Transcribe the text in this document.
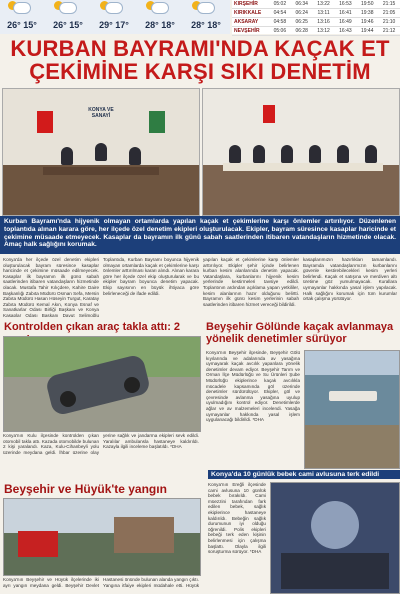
26° 15°	26° 15°	29° 17°	28° 18°	28° 18°
KIRŞEHİR	05:02	06:34	13:22	16:53	19:50	21:15
KIRIKKALE	04:54	06:24	13:11	16:41	19:38	21:05
AKSARAY	04:58	06:25	13:16	16:49	19:46	21:10
NEVŞEHİR	05:06	06:28	13:12	16:43	19:44	21:12
KURBAN BAYRAMI'NDA KAÇAK ET ÇEKİMİNE KARŞI SIKI DENETİM
KONYA VE SANAYİ
Kurban Bayramı'nda hijyenik olmayan ortamlarda yapılan kaçak et çekimlerine karşı önlemler artırılıyor. Düzenlenen toplantıda alınan karara göre, her ilçede özel denetim ekipleri oluşturulacak. Ekipler, bayram süresince kasaplar haricinde et çekimine müsaade etmeyecek. Kasaplar da bayramın ilk günü sabah saatlerinden itibaren vatandaşların hizmetinde olacak. Amaç halk sağlığını korumak.
Konya'da her ilçede özel denetim ekipleri oluşturulacak bayram süresince kasaplar haricinde et çekimine müsaade edilmeyecek. Kasaplar ilk bayramın ilk günü sabah saatlerinden itibaren vatandaşların hizmetinde olacak. Mustafa Tahir Kılıçdere, Kahire Daire Başkanlığı Zabıta Müdürü Osman Sefa, Mersin Zabıta Müdürü Hasan Hüseyin Turgut, Karatay Zabıta Müdürü Kemal Akın, Konya Esnaf ve Sanatkarlar Odası Birliği Başkanı ve Konya Kasaplar Odası Başkanı Davut Selimoğlu
Toplantıda, Kurban Bayramı boyunca hijyenik olmayan ortamlarda kaçak et çekimlerine karşı önlemler arttırılması kararı alındı. Alınan karara göre her ilçede özel ekip oluşturularak ve bu ekipler bayram boyunca denetim yapacak. Ekip sayısının en büyük ihtiyaca göre belirleneceği de ifade edildi.
yapılan kaçak et çekimlerine karşı önlemler arttırılıyor. Ekipler şehir içinde belirlenen kurban kesim alanlarında denetim yapacak. Vatandaşlara, kurbanlarını hijyenik kesim yerlerinde kestirmeleri tavsiye edildi. Toplantının ardından açıklama yapan yetkililer, kesim alanlarının hazır olduğunu belirtti. Bayramın ilk günü kesim yerlerinin sabah saatlerinden itibaren hizmet vereceği bildirildi.
kasaplarımızın hazırlıkları tamamlandı. Bayramda vatandaşlarımızın kurbanlarını güvenle kestirebilecekleri kesim yerleri belirlendi. Kaçak et satışına ve merdiven altı üretime göz yumulmayacak. Kurallara uymayanlar hakkında yasal işlem yapılacak. Halk sağlığını korumak için tüm kurumlar ortak çalışma yürütüyor.
Kontrolden çıkan araç takla attı: 2
Konya'nın Kulu ilçesinde kontrolden çıkan otomobil takla attı. Kazada otomobilde bulunan 2 kişi yaralandı. Kaza, Kulu-Cihanbeyli yolu üzerinde meydana geldi. İhbar üzerine olay yerine sağlık ve jandarma ekipleri sevk edildi. Yaralılar ambulansla hastaneye kaldırıldı. Kazayla ilgili inceleme başlatıldı. *DHA
Beyşehir Gölünde kaçak avlanmaya yönelik denetimler sürüyor
Konya'nın Beyşehir ilçesinde, Beyşehir Gölü kıyılarında ve adalarında av yasağına uymayarak kaçak avcılık yapanlara yönelik denetimler devam ediyor. Beyşehir Tarım ve Orman İlçe Müdürlüğü ve Su Ürünleri Şube Müdürlüğü ekiplerince kaçak avcılıkla mücadele kapsamında göl üzerinde denetimler sürdürülüyor. Ekipler, göl ve çevresinde avlanma yasağına uyulup uyulmadığını kontrol ediyor. Denetimlerde ağlar ve av malzemeleri incelendi. Yasağa uymayanlar hakkında yasal işlem uygulanacağı bildirildi. *DHA
Beyşehir ve Hüyük'te yangın
Konya'nın Beyşehir ve Hüyük ilçelerinde iki ayrı yangın meydana geldi. Beyşehir Devlet Hastanesi önünde bulunan alanda yangın çıktı. Yangına itfaiye ekipleri müdahale etti. Hüyük
Konya'da 10 günlük bebek cami avlusuna terk edildi
Konya'nın Ereğli ilçesinde cami avlusuna 10 günlük bebek bırakıldı. Cami müezzini tarafından fark edilen bebek, sağlık ekiplerince hastaneye kaldırıldı. Bebeğin sağlık durumunun iyi olduğu öğrenildi. Polis ekipleri bebeği terk eden kişinin belirlenmesi için çalışma başlattı. Olayla ilgili soruşturma sürüyor. *DHA
